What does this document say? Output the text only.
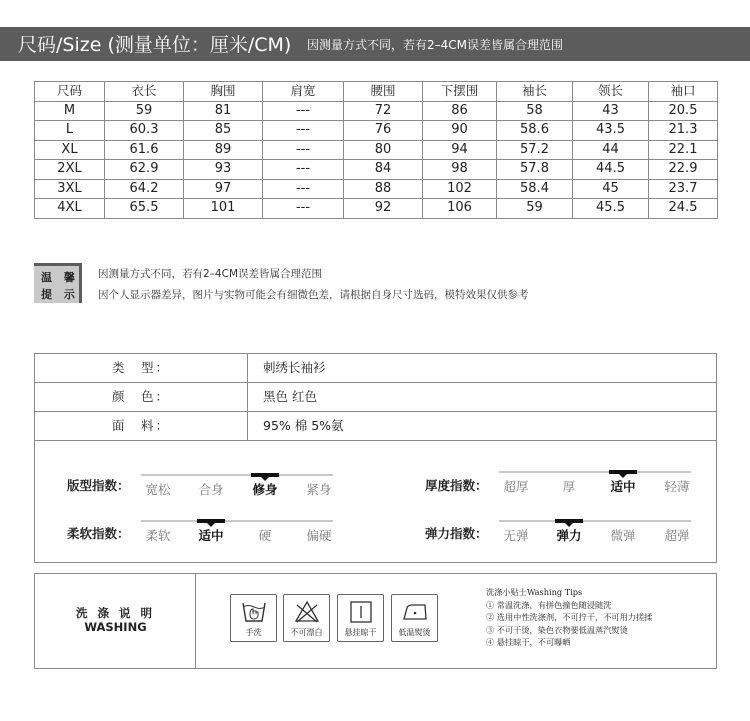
尺码/Size (测量单位：厘米/CM) 因测量方式不同，若有2–4CM误差皆属合理范围
尺码	衣长	胸围	肩宽	腰围	下摆围	袖长	领长	袖口
M	59	81	---	72	86	58	43	20.5
L	60.3	85	---	76	90	58.6	43.5	21.3
XL	61.6	89	---	80	94	57.2	44	22.1
2XL	62.9	93	---	84	98	57.8	44.5	22.9
3XL	64.2	97	---	88	102	58.4	45	23.7
4XL	65.5	101	---	92	106	59	45.5	24.5
温 馨
提 示
因测量方式不同，若有2–4CM误差皆属合理范围
因个人显示器差异，图片与实物可能会有细微色差，请根据自身尺寸选码，模特效果仅供参考
类　型：	刺绣长袖衫
颜　色：	黑色 红色
面　料：	95% 棉 5%氨
版型指数：	厚度指数：
柔软指数：	弹力指数：
宽松	合身	修身	紧身	超厚	厚	适中	轻薄
柔软	适中	硬	偏硬	无弹	弹力	微弹	超弹
洗 涤 说 明
WASHING	手洗	不可漂白	悬挂晾干	低温熨烫
洗涤小贴士Washing Tips
① 常温洗涤，有拼色撞色随浸随洗
② 选用中性洗涤剂，不可拧干，不可用力搓揉
③ 不可干烫，染色衣物要低温蒸汽熨烫
④ 悬挂晾干，不可曝晒
